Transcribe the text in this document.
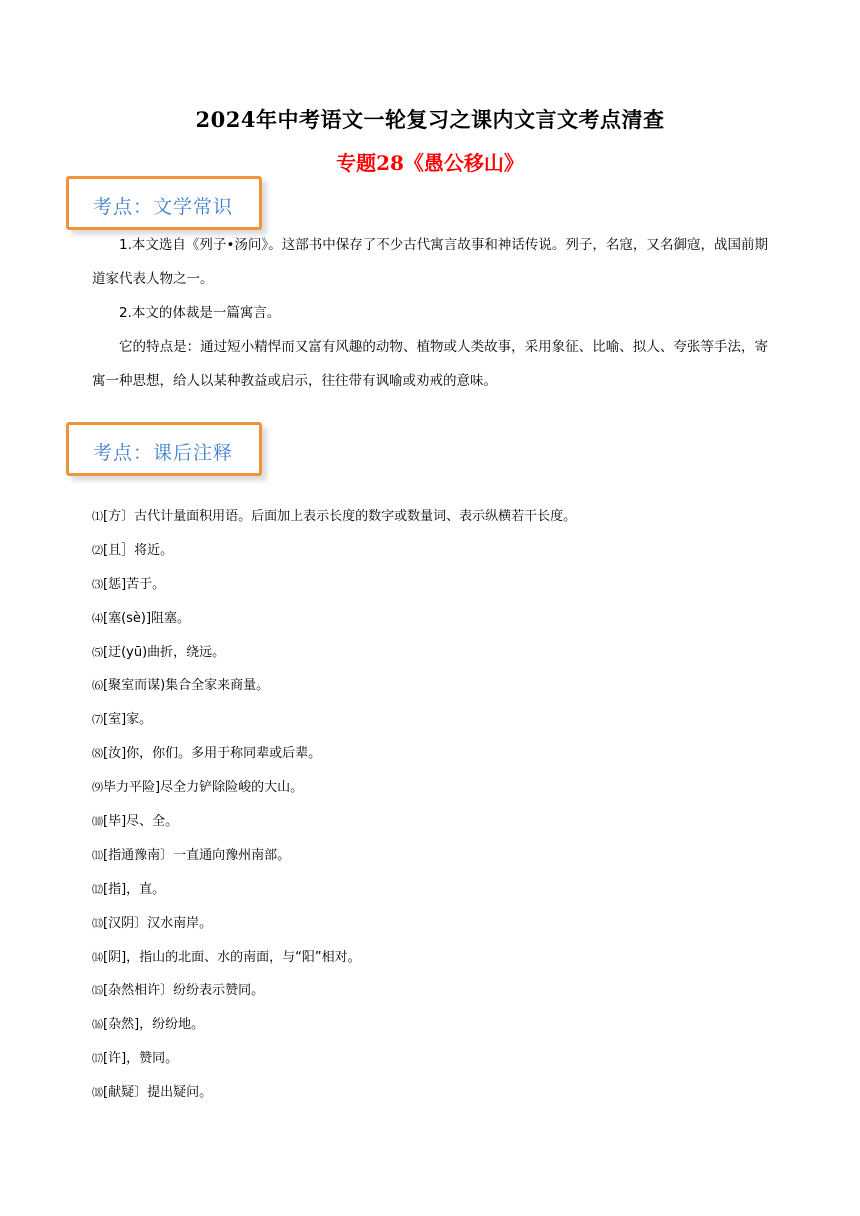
2024年中考语文一轮复习之课内文言文考点清查
专题28《愚公移山》
考点：文学常识
1.本文选自《列子•汤问》。这部书中保存了不少古代寓言故事和神话传说。列子，名寇，又名御寇，战国前期道家代表人物之一。
2.本文的体裁是一篇寓言。
它的特点是：通过短小精悍而又富有风趣的动物、植物或人类故事，采用象征、比喻、拟人、夸张等手法，寄寓一种思想，给人以某种教益或启示，往往带有讽喻或劝戒的意味。
考点：课后注释
⑴[方〕古代计量面积用语。后面加上表示长度的数字或数量词、表示纵横若干长度。
⑵[且］将近。
⑶[惩]苦于。
⑷[塞(sè)]阻塞。
⑸[迂(yū)曲折，绕远。
⑹[聚室而谋)集合全家来商量。
⑺[室]家。
⑻[汝]你，你们。多用于称同辈或后辈。
⑼毕力平险]尽全力铲除险峻的大山。
⑽[毕]尽、全。
⑾[指通豫南〕一直通向豫州南部。
⑿[指]，直。
⒀[汉阴〕汉水南岸。
⒁[阴]，指山的北面、水的南面，与“阳”相对。
⒂[杂然相许〕纷纷表示赞同。
⒃[杂然]，纷纷地。
⒄[许]，赞同。
⒅[献疑〕提出疑问。
